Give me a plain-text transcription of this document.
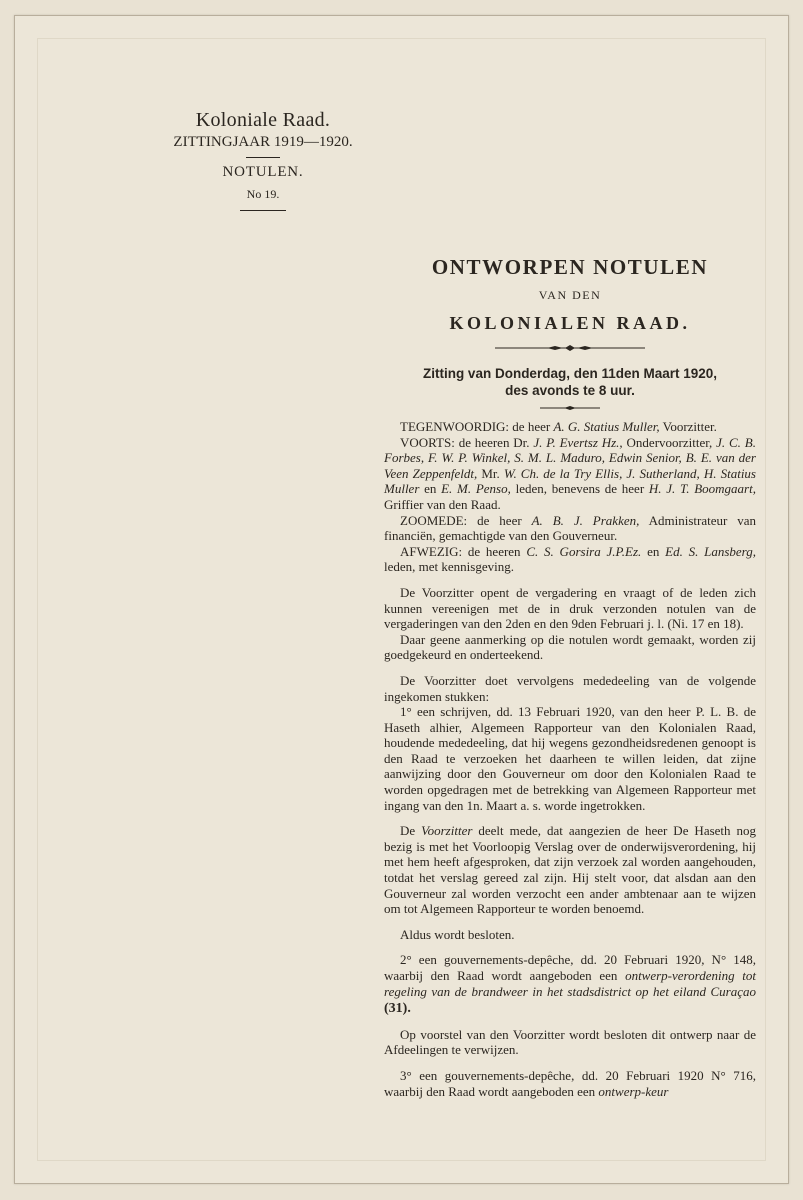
Koloniale Raad.
ZITTINGJAAR 1919—1920.
NOTULEN.
No 19.
ONTWORPEN NOTULEN
VAN DEN
KOLONIALEN RAAD.
Zitting van Donderdag, den 11den Maart 1920,
des avonds te 8 uur.

TEGENWOORDIG: de heer A. G. Statius Muller, Voorzitter.

VOORTS: de heeren Dr. J. P. Evertsz Hz., Ondervoorzitter, J. C. B. Forbes, F. W. P. Winkel, S. M. L. Maduro, Edwin Senior, B. E. van der Veen Zeppenfeldt, Mr. W. Ch. de la Try Ellis, J. Sutherland, H. Statius Muller en E. M. Penso, leden, benevens de heer H. J. T. Boomgaart, Griffier van den Raad.

ZOOMEDE: de heer A. B. J. Prakken, Administrateur van financiën, gemachtigde van den Gouverneur.

AFWEZIG: de heeren C. S. Gorsira J.P.Ez. en Ed. S. Lansberg, leden, met kennisgeving.

De Voorzitter opent de vergadering en vraagt of de leden zich kunnen vereenigen met de in druk verzonden notulen van de vergaderingen van den 2den en den 9den Februari j. l. (Ni. 17 en 18).

Daar geene aanmerking op die notulen wordt gemaakt, worden zij goedgekeurd en onderteekend.

De Voorzitter doet vervolgens mededeeling van de volgende ingekomen stukken:

1° een schrijven, dd. 13 Februari 1920, van den heer P. L. B. de Haseth alhier, Algemeen Rapporteur van den Kolonialen Raad, houdende mededeeling, dat hij wegens gezondheidsredenen genoopt is den Raad te verzoeken het daarheen te willen leiden, dat zijne aanwijzing door den Gouverneur om door den Kolonialen Raad te worden opgedragen met de betrekking van Algemeen Rapporteur met ingang van den 1n. Maart a. s. worde ingetrokken.

De Voorzitter deelt mede, dat aangezien de heer De Haseth nog bezig is met het Voorloopig Verslag over de onderwijsverordening, hij met hem heeft afgesproken, dat zijn verzoek zal worden aangehouden, totdat het verslag gereed zal zijn. Hij stelt voor, dat alsdan aan den Gouverneur zal worden verzocht een ander ambtenaar aan te wijzen om tot Algemeen Rapporteur te worden benoemd.

Aldus wordt besloten.

2° een gouvernements-depêche, dd. 20 Februari 1920, N° 148, waarbij den Raad wordt aangeboden een ontwerp-verordening tot regeling van de brandweer in het stadsdistrict op het eiland Curaçao (31).

Op voorstel van den Voorzitter wordt besloten dit ontwerp naar de Afdeelingen te verwijzen.

3° een gouvernements-depêche, dd. 20 Februari 1920 N° 716, waarbij den Raad wordt aangeboden een ontwerp-keur
